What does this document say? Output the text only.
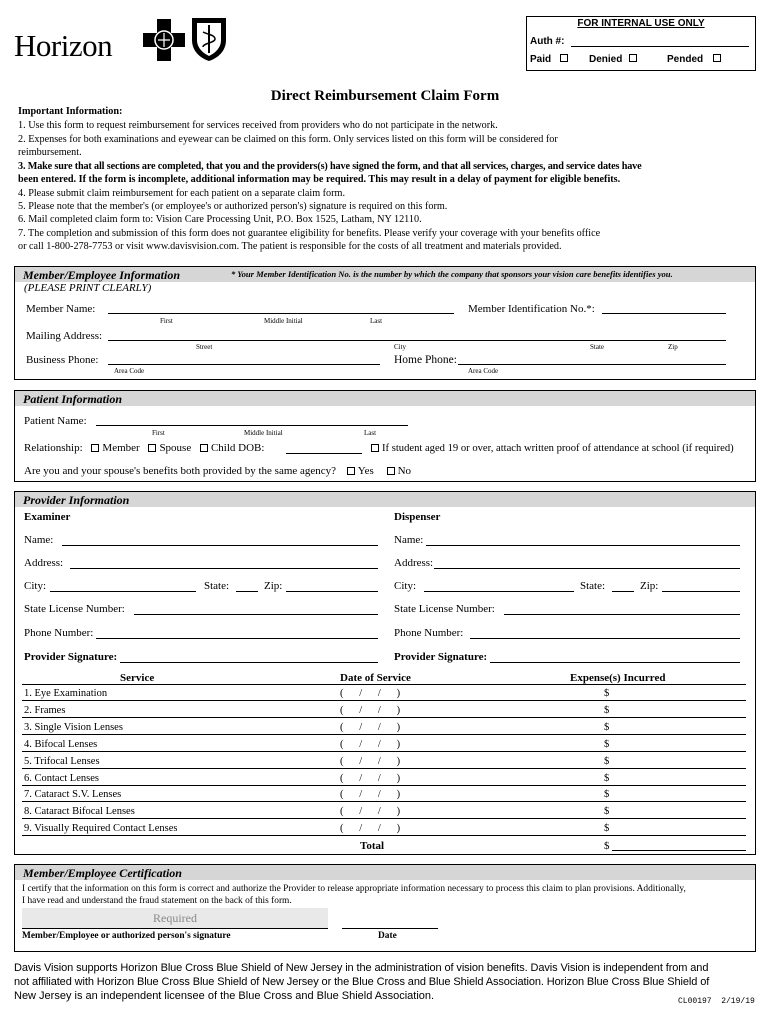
Horizon
FOR INTERNAL USE ONLY
Auth #:
Paid	Denied	Pended
Direct Reimbursement Claim Form
Important Information:
1. Use this form to request reimbursement for services received from providers who do not participate in the network.
2. Expenses for both examinations and eyewear can be claimed on this form. Only services listed on this form will be considered for
reimbursement.
3. Make sure that all sections are completed, that you and the providers(s) have signed the form, and that all services, charges, and service dates have
been entered. If the form is incomplete, additional information may be required. This may result in a delay of payment for eligible benefits.
4. Please submit claim reimbursement for each patient on a separate claim form.
5. Please note that the member's (or employee's or authorized person's) signature is required on this form.
6. Mail completed claim form to: Vision Care Processing Unit, P.O. Box 1525, Latham, NY 12110.
7. The completion and submission of this form does not guarantee eligibility for benefits. Please verify your coverage with your benefits office
or call 1-800-278-7753 or visit www.davisvision.com. The patient is responsible for the costs of all treatment and materials provided.
Member/Employee Information	* Your Member Identification No. is the number by which the company that sponsors your vision care benefits identifies you.
(PLEASE PRINT CLEARLY)
Member Name:
First	Middle Initial	Last
Member Identification No.*:
Mailing Address:
Street	City	State	Zip
Business Phone:
Area Code
Home Phone:
Area Code
Patient Information
Patient Name:
First	Middle Initial	Last
Relationship: Member Spouse Child DOB:	If student aged 19 or over, attach written proof of attendance at school (if required)
Are you and your spouse's benefits both provided by the same agency? Yes No
Provider Information
Examiner	Dispenser
Name:
Address:
City:	State:	Zip:
State License Number:
Phone Number:
Provider Signature:
Name:
Address:
City:	State:	Zip:
State License Number:
Phone Number:
Provider Signature:
Service	Date of Service	Expense(s) Incurred
1. Eye Examination	(      /      /      )	$
2. Frames	(      /      /      )	$
3. Single Vision Lenses	(      /      /      )	$
4. Bifocal Lenses	(      /      /      )	$
5. Trifocal Lenses	(      /      /      )	$
6. Contact Lenses	(      /      /      )	$
7. Cataract S.V. Lenses	(      /      /      )	$
8. Cataract Bifocal Lenses	(      /      /      )	$
9. Visually Required Contact Lenses	(      /      /      )	$
Total	$
Member/Employee Certification
I certify that the information on this form is correct and authorize the Provider to release appropriate information necessary to process this claim to plan provisions. Additionally,
I have read and understand the fraud statement on the back of this form.
Required
Member/Employee or authorized person's signature	Date
Davis Vision supports Horizon Blue Cross Blue Shield of New Jersey in the administration of vision benefits. Davis Vision is independent from and
not affiliated with Horizon Blue Cross Blue Shield of New Jersey or the Blue Cross and Blue Shield Association. Horizon Blue Cross Blue Shield of
New Jersey is an independent licensee of the Blue Cross and Blue Shield Association.	CL00197  2/19/19
